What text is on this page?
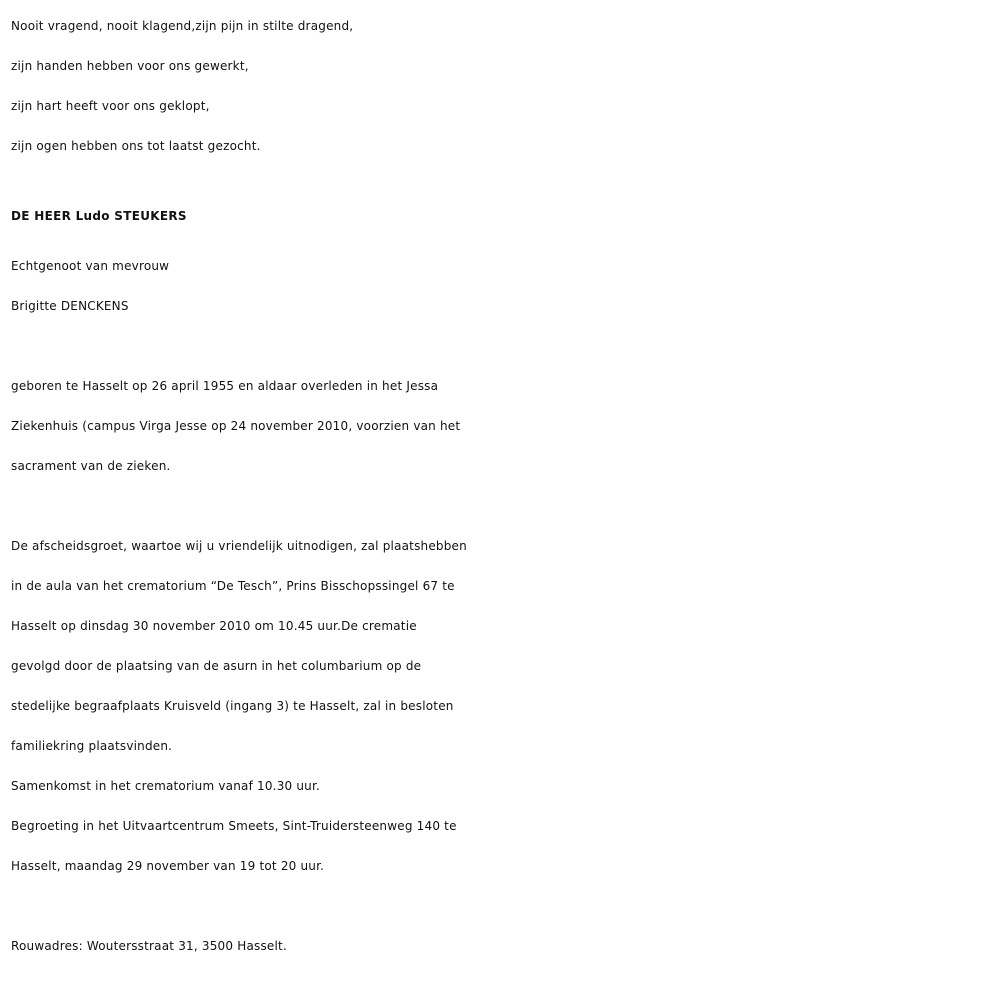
Nooit vragend, nooit klagend,zijn pijn in stilte dragend,
zijn handen hebben voor ons gewerkt,
zijn hart heeft voor ons geklopt,
zijn ogen hebben ons tot laatst gezocht.
DE HEER Ludo STEUKERS
Echtgenoot van mevrouw
Brigitte DENCKENS
geboren te Hasselt op 26 april 1955 en aldaar overleden in het Jessa
Ziekenhuis (campus Virga Jesse op 24 november 2010, voorzien van het
sacrament van de zieken.
De afscheidsgroet, waartoe wij u vriendelijk uitnodigen, zal plaatshebben
in de aula van het crematorium “De Tesch”, Prins Bisschopssingel 67 te
Hasselt op dinsdag 30 november 2010 om 10.45 uur.De crematie
gevolgd door de plaatsing van de asurn in het columbarium op de
stedelijke begraafplaats Kruisveld (ingang 3) te Hasselt, zal in besloten
familiekring plaatsvinden.
Samenkomst in het crematorium vanaf 10.30 uur.
Begroeting in het Uitvaartcentrum Smeets, Sint-Truidersteenweg 140 te
Hasselt, maandag 29 november van 19 tot 20 uur.
Rouwadres: Woutersstraat 31, 3500 Hasselt.
